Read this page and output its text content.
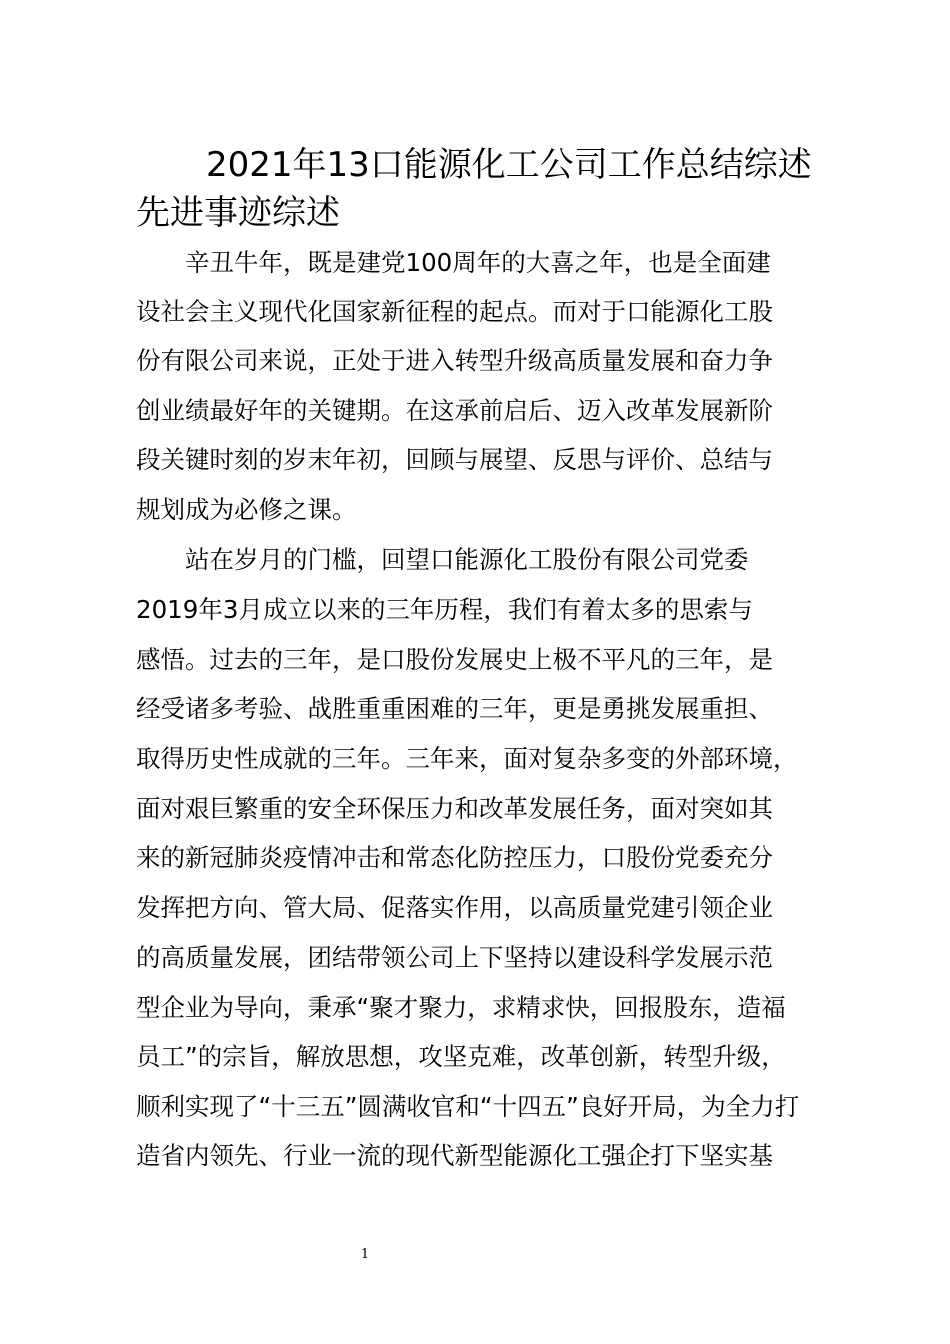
2021年13口能源化工公司工作总结综述先进事迹综述

　　辛丑牛年，既是建党100周年的大喜之年，也是全面建

设社会主义现代化国家新征程的起点。而对于口能源化工股

份有限公司来说，正处于进入转型升级高质量发展和奋力争

创业绩最好年的关键期。在这承前启后、迈入改革发展新阶

段关键时刻的岁末年初，回顾与展望、反思与评价、总结与

规划成为必修之课。

　　站在岁月的门槛，回望口能源化工股份有限公司党委

2019年3月成立以来的三年历程，我们有着太多的思索与

感悟。过去的三年，是口股份发展史上极不平凡的三年，是

经受诸多考验、战胜重重困难的三年，更是勇挑发展重担、

取得历史性成就的三年。三年来，面对复杂多变的外部环境，

面对艰巨繁重的安全环保压力和改革发展任务，面对突如其

来的新冠肺炎疫情冲击和常态化防控压力，口股份党委充分

发挥把方向、管大局、促落实作用，以高质量党建引领企业

的高质量发展，团结带领公司上下坚持以建设科学发展示范

型企业为导向，秉承“聚才聚力，求精求快，回报股东，造福

员工”的宗旨，解放思想，攻坚克难，改革创新，转型升级，

顺利实现了“十三五”圆满收官和“十四五”良好开局，为全力打

造省内领先、行业一流的现代新型能源化工强企打下坚实基

1
